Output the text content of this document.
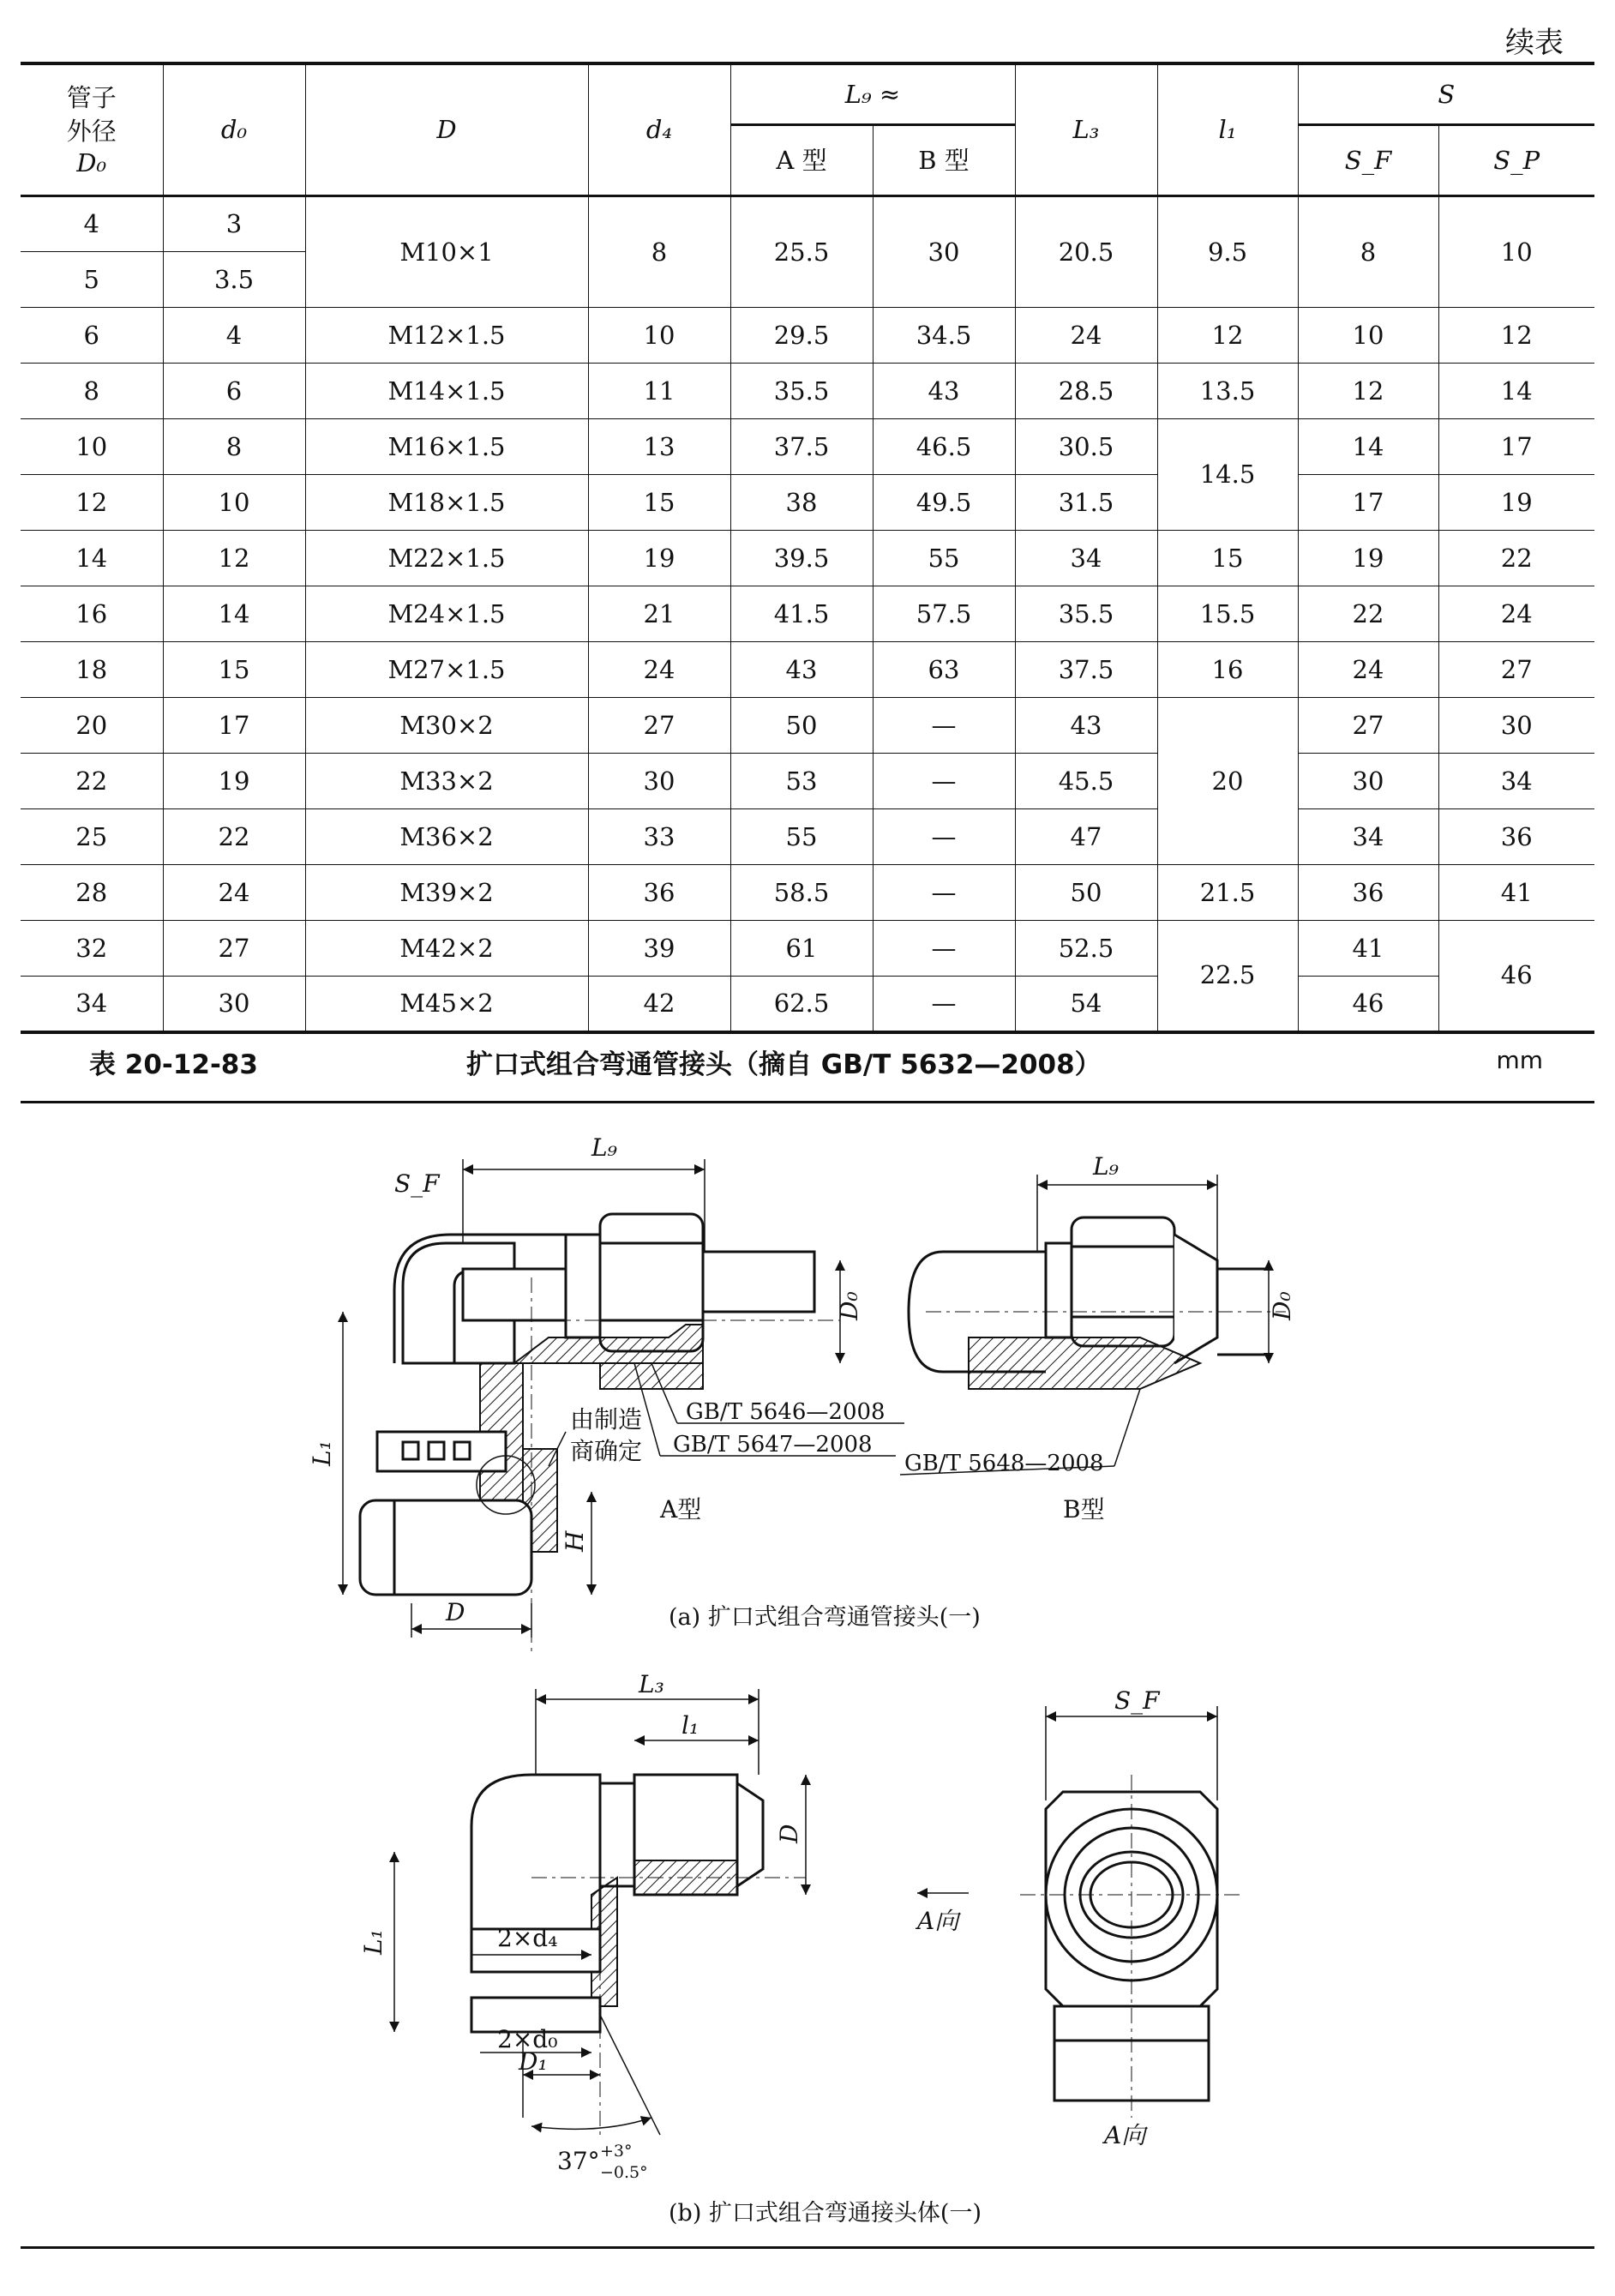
续表
管子外径
D₀	d₀	D	d₄	L₉ ≈		L₃	l₁	S	
				A 型	B 型			S_F	S_P
4	3	M10×1	8	25.5	30	20.5	9.5	8	10
5	3.5								
6	4	M12×1.5	10	29.5	34.5	24	12	10	12
8	6	M14×1.5	11	35.5	43	28.5	13.5	12	14
10	8	M16×1.5	13	37.5	46.5	30.5	14.5	14	17
12	10	M18×1.5	15	38	49.5	31.5		17	19
14	12	M22×1.5	19	39.5	55	34	15	19	22
16	14	M24×1.5	21	41.5	57.5	35.5	15.5	22	24
18	15	M27×1.5	24	43	63	37.5	16	24	27
20	17	M30×2	27	50	—	43	20	27	30
22	19	M33×2	30	53	—	45.5		30	34
25	22	M36×2	33	55	—	47		34	36
28	24	M39×2	36	58.5	—	50	21.5	36	41
32	27	M42×2	39	61	—	52.5	22.5	41	46
34	30	M45×2	42	62.5	—	54		46	
表 20-12-83	扩口式组合弯通管接头（摘自 GB/T 5632—2008）	mm
L₉
S_F
D₀
L₁
H
D
由制造
商确定
GB/T 5646—2008
GB/T 5647—2008
A型
(a) 扩口式组合弯通管接头(一)
L₉
D₀
GB/T 5648—2008
B型
L₃
l₁
D
L₁	2×d₄
2×d₀
D₁
37° +3°
−0.5°
(b) 扩口式组合弯通接头体(一)
S_F
A向
A向
